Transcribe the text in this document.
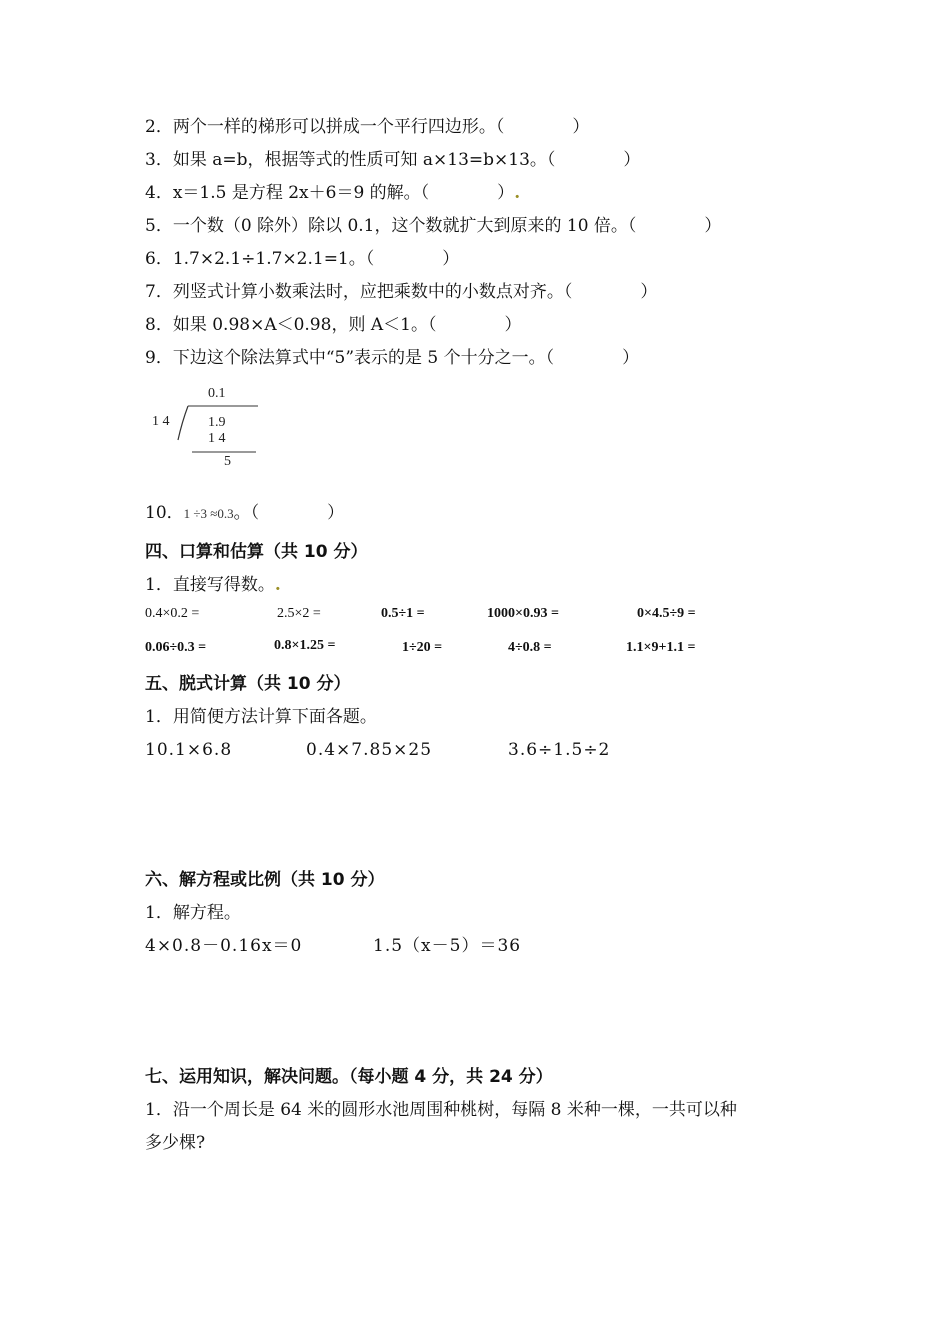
2．两个一样的梯形可以拼成一个平行四边形。（　　　　）
3．如果 a=b，根据等式的性质可知 a×13=b×13。（　　　　）
4．x＝1.5 是方程 2x＋6＝9 的解。（　　　　）.
5．一个数（0 除外）除以 0.1，这个数就扩大到原来的 10 倍。（　　　　）
6．1.7×2.1÷1.7×2.1=1。（　　　　）
7．列竖式计算小数乘法时，应把乘数中的小数点对齐。（　　　　）
8．如果 0.98×A＜0.98，则 A＜1。（　　　　）
9．下边这个除法算式中“5”表示的是 5 个十分之一。（　　　　）
0.1
1 4	1.9
1 4
5
10．1 ÷3 ≈0.3。（　　　　）
四、口算和估算（共 10 分）
1．直接写得数。.
0.4×0.2 =	2.5×2 =	0.5÷1 =	1000×0.93 =	0×4.5÷9 =
0.06÷0.3 =	0.8×1.25 =	1÷20 =	4÷0.8 =	1.1×9+1.1 =
五、脱式计算（共 10 分）
1．用简便方法计算下面各题。
10.1×6.8	0.4×7.85×25	3.6÷1.5÷2
六、解方程或比例（共 10 分）
1．解方程。
4×0.8－0.16x＝0	1.5（x－5）＝36
七、运用知识，解决问题。（每小题 4 分，共 24 分）
1．沿一个周长是 64 米的圆形水池周围种桃树，每隔 8 米种一棵，一共可以种
多少棵?
